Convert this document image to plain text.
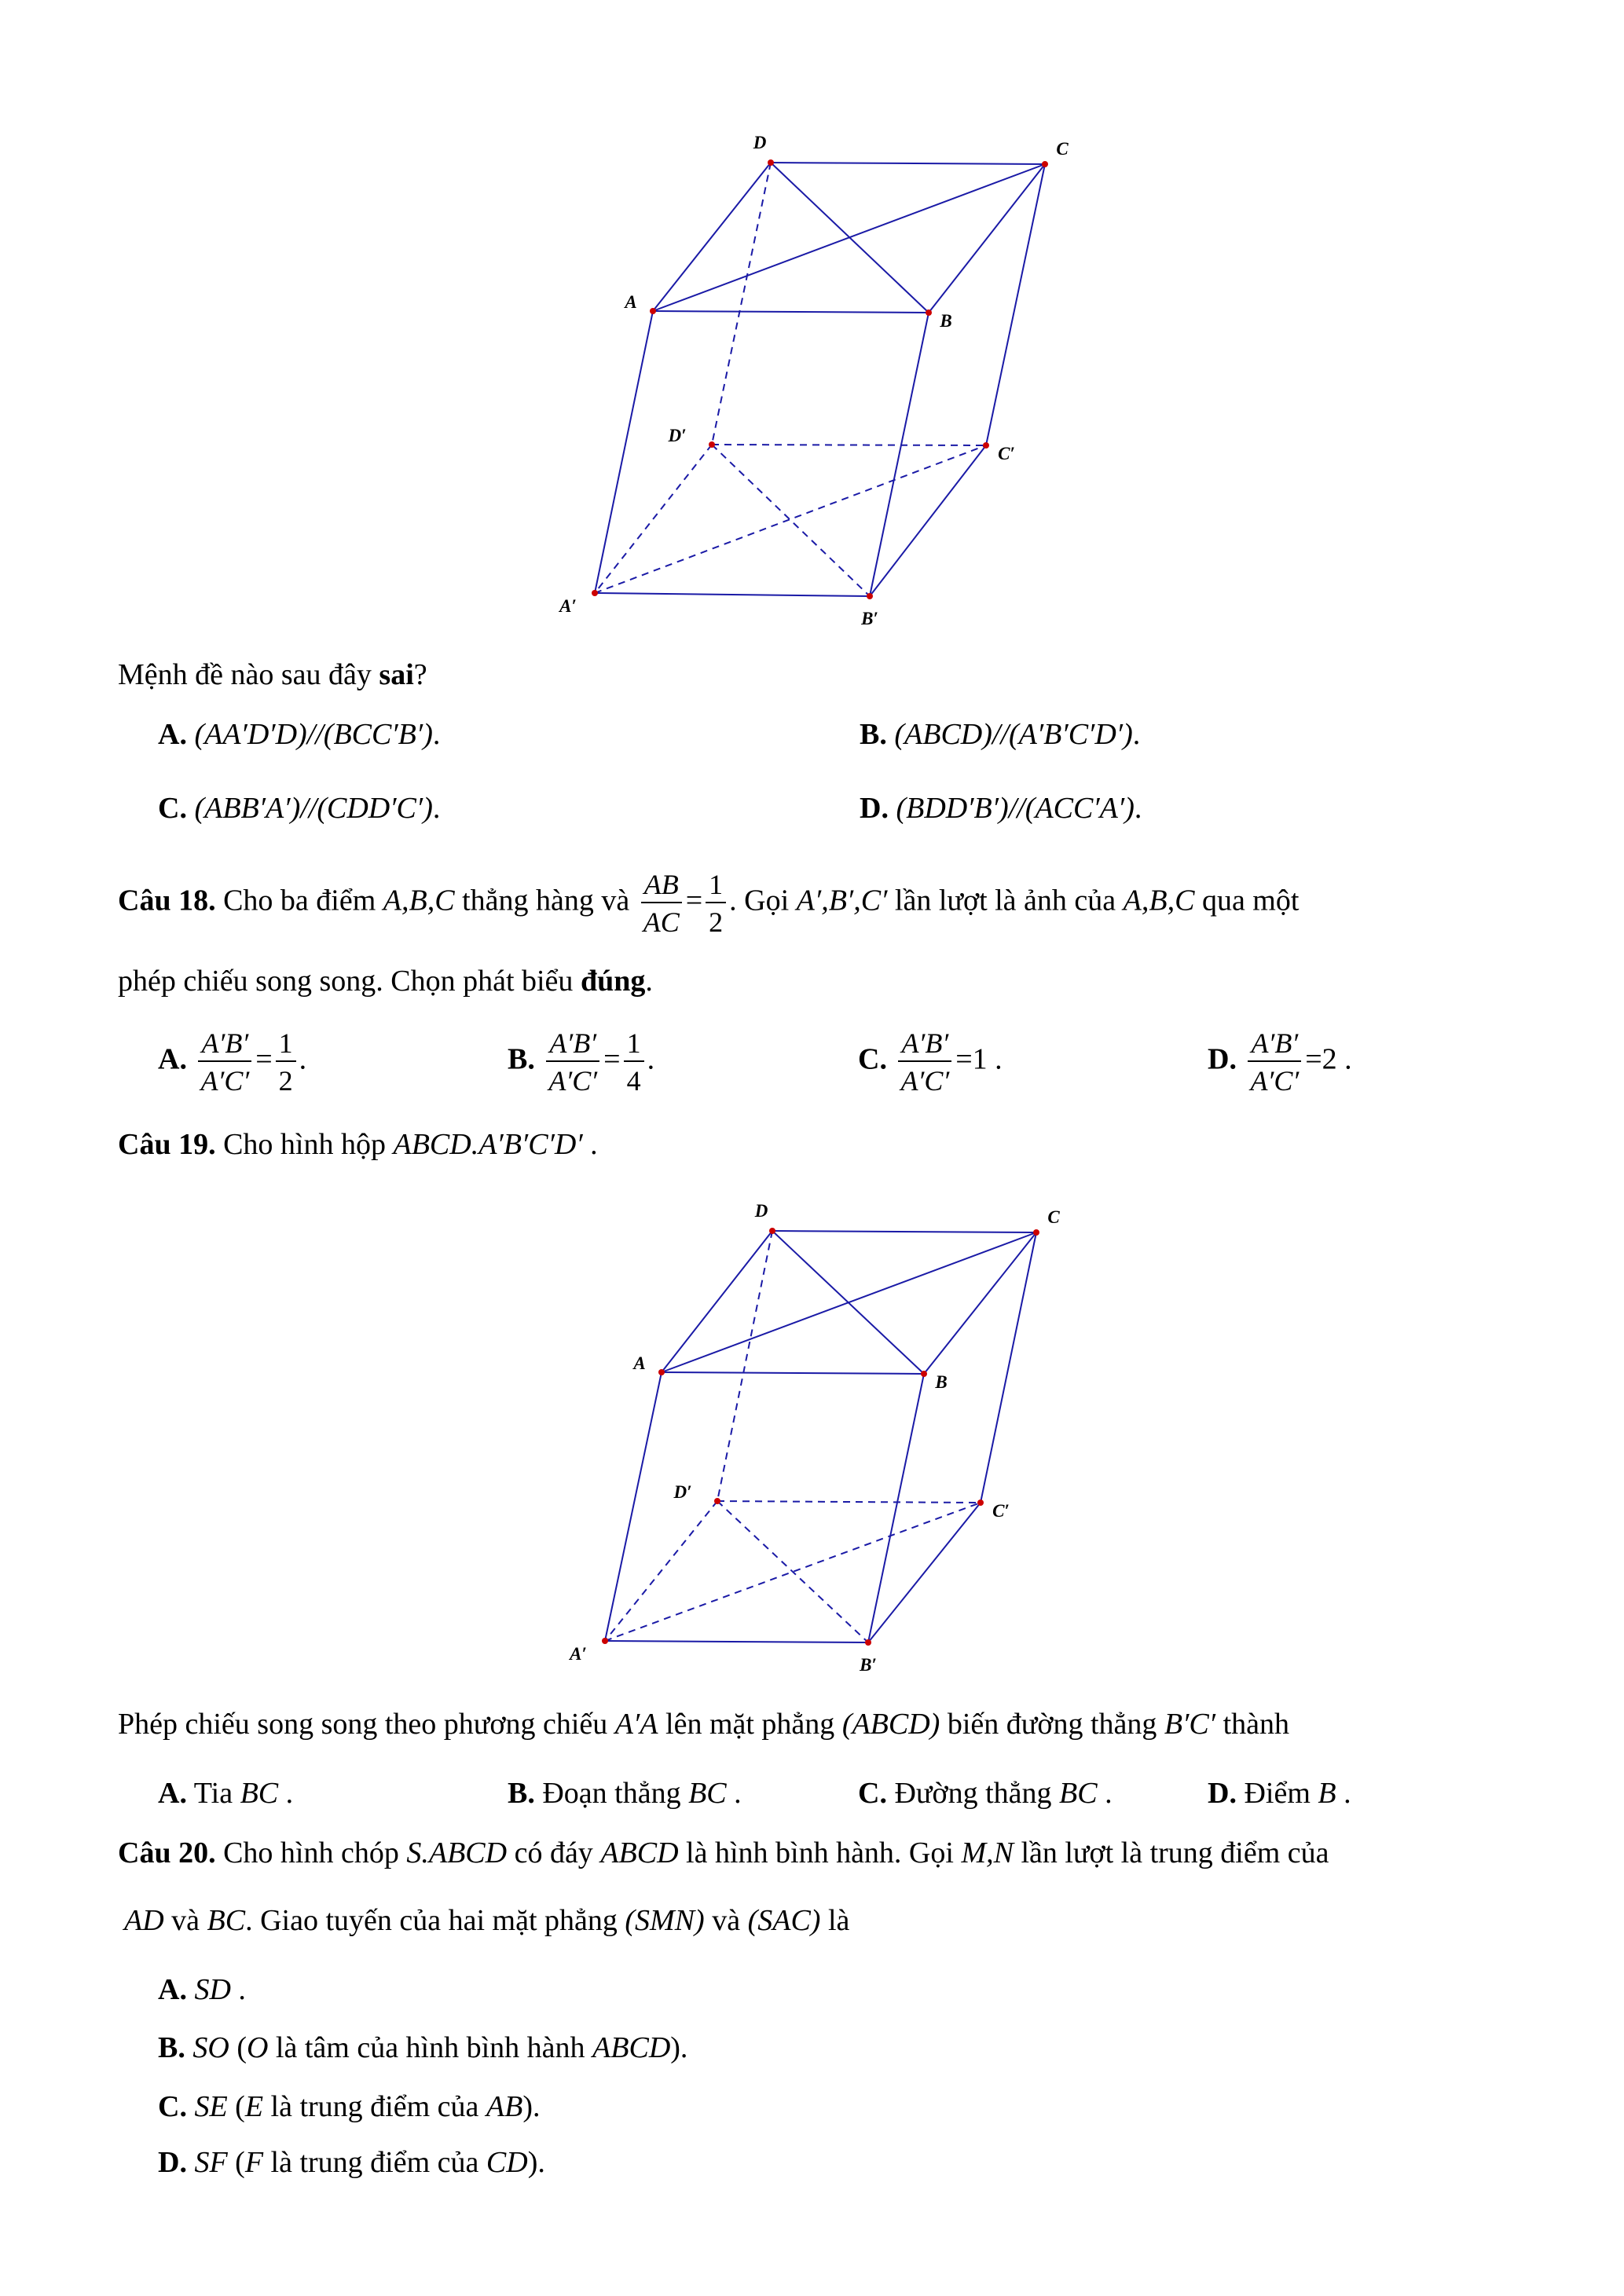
D	C
A
B
D′
C′
A′
B′
D	C
A
B
D′
C′
A′
B′
Mệnh đề nào sau đây sai?
A. (AA′D′D)//(BCC′B′).	B. (ABCD)//(A′B′C′D′).
C. (ABB′A′)//(CDD′C′).	D. (BDD′B′)//(ACC′A′).
Câu 18. Cho ba điểm A,B,C thẳng hàng và $\frac{AB}{AC} = \frac{1}{2}$ . Gọi A′,B′,C′ lần lượt là ảnh của A,B,C qua một
phép chiếu song song. Chọn phát biểu đúng.
A. $\frac{A'B'}{A'C'} = \frac{1}{2}$ .	B. $\frac{A'B'}{A'C'} = \frac{1}{4}$ .	C. $\frac{A'B'}{A'C'} =1$ .	D. $\frac{A'B'}{A'C'} =2$ .
Câu 19. Cho hình hộp ABCD.A′B′C′D′ .
Phép chiếu song song theo phương chiếu A′A lên mặt phẳng (ABCD) biến đường thẳng B′C′ thành
A. Tia BC .	B. Đoạn thẳng BC .	C. Đường thẳng BC .	D. Điểm B .
Câu 20. Cho hình chóp S.ABCD có đáy ABCD là hình bình hành. Gọi M,N lần lượt là trung điểm của
AD và BC. Giao tuyến của hai mặt phẳng (SMN) và (SAC) là
A. SD .
B. SO (O là tâm của hình bình hành ABCD).
C. SE (E là trung điểm của AB).
D. SF (F là trung điểm của CD).
